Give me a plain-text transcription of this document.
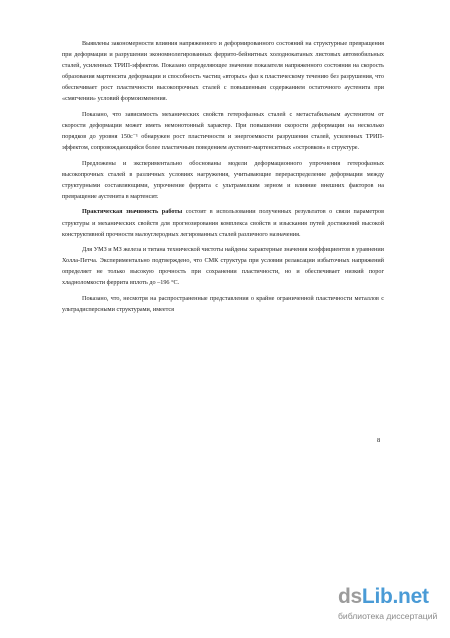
Выявлены закономерности влияния напряженного и деформированного состояний на структурные превращения при деформации и разрушении экономнолегированных феррито-бейнитных холоднокатаных листовых автомобильных сталей, усиленных ТРИП-эффектом. Показано определяющее значение показателя напряженного состояния на скорость образования мартенсита деформации и способность частиц «вторых» фаз к пластическому течению без разрушения, что обеспечивает рост пластичности высокопрочных сталей с повышенным содержанием остаточного аустенита при «смягчении» условий формоизменения.

Показано, что зависимость механических свойств гетерофазных сталей с метастабильным аустенитом от скорости деформации может иметь немонотонный характер. При повышении скорости деформации на несколько порядков до уровня 150с⁻¹ обнаружен рост пластичности и энергоемкости разрушения сталей, усиленных ТРИП-эффектом, сопровождающийся более пластичным поведением аустенит-мартенситных «островков» в структуре.

Предложены и экспериментально обоснованы модели деформационного упрочнения гетерофазных высокопрочных сталей в различных условиях нагружения, учитывающие перераспределение деформации между структурными составляющими, упрочнение феррита с ультрамелким зерном и влияние внешних факторов на превращение аустенита в мартенсит.

Практическая значимость работы состоит в использовании полученных результатов о связи параметров структуры и механических свойств для прогнозирования комплекса свойств и изыскания путей достижений высокой конструктивной прочности малоуглеродных легированных сталей различного назначения.

Для УМЗ и МЗ железа и титана технической чистоты найдены характерные значения коэффициентов в уравнении Холла-Петча. Экспериментально подтверждено, что СМК структура при условии релаксации избыточных напряжений определяет не только высокую прочность при сохранении пластичности, но и обеспечивает низкий порог хладноломкости феррита вплоть до –196 °С.

Показано, что, несмотря на распространенные представления о крайне ограниченной пластичности металлов с ультрадисперсными структурами, имеется

8
dsLib.net
библиотека диссертаций
